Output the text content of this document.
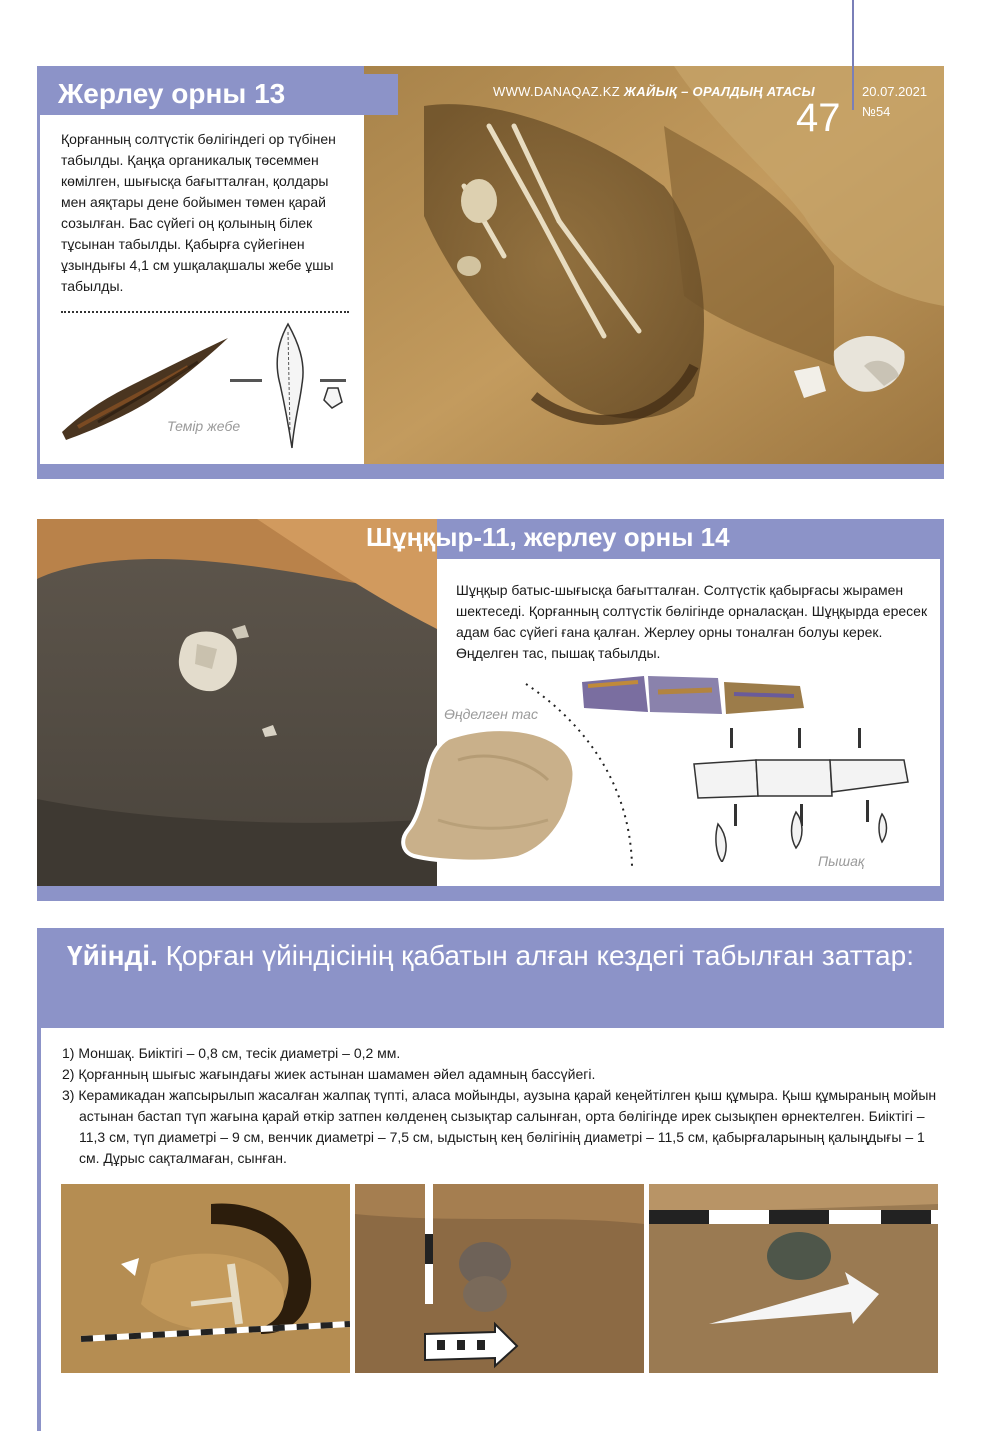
Жерлеу орны 13
Қорғанның солтүстік бөлігіндегі ор түбінен табылды. Қаңқа органикалық төсеммен көмілген, шығысқа бағытталған, қолдары мен аяқтары дене бойымен төмен қарай созылған. Бас сүйегі оң қолының білек тұсынан табылды. Қабырға сүйегінен ұзындығы 4,1 см ушқалақшалы жебе ұшы табылды.
Темір жебе
WWW.DANAQAZ.KZ ЖАЙЫҚ – ОРАЛДЫҢ АТАСЫ
47
20.07.2021
№54
Шұңқыр-11, жерлеу орны 14
Шұңқыр батыс-шығысқа бағытталған. Солтүстік қабырғасы жырамен шектеседі. Қорғанның солтүстік бөлігінде орналасқан. Шұңқырда ересек адам бас сүйегі ғана қалған. Жерлеу орны тоналған болуы керек. Өңделген тас, пышақ табылды.
Өңделген тас
Пышақ
Үйінді. Қорған үйіндісінің қабатын алған кездегі табылған заттар:
1) Моншақ. Биіктігі – 0,8 см, тесік диаметрі – 0,2 мм.
2) Қорғанның шығыс жағындағы жиек астынан шамамен әйел адамның бассүйегі.
3) Керамикадан жапсырылып жасалған жалпақ түпті, аласа мойынды, аузына қарай кеңейтілген қыш құмыра. Қыш құмыраның мойын астынан бастап түп жағына қарай өткір затпен көлденең сызықтар салынған, орта бөлігінде ирек сызықпен өрнектелген. Биіктігі – 11,3 см, түп диаметрі – 9 см, венчик диаметрі – 7,5 см, ыдыстың кең бөлігінің диаметрі – 11,5 см, қабырғаларының қалыңдығы – 1 см. Дұрыс сақталмаған, сынған.
